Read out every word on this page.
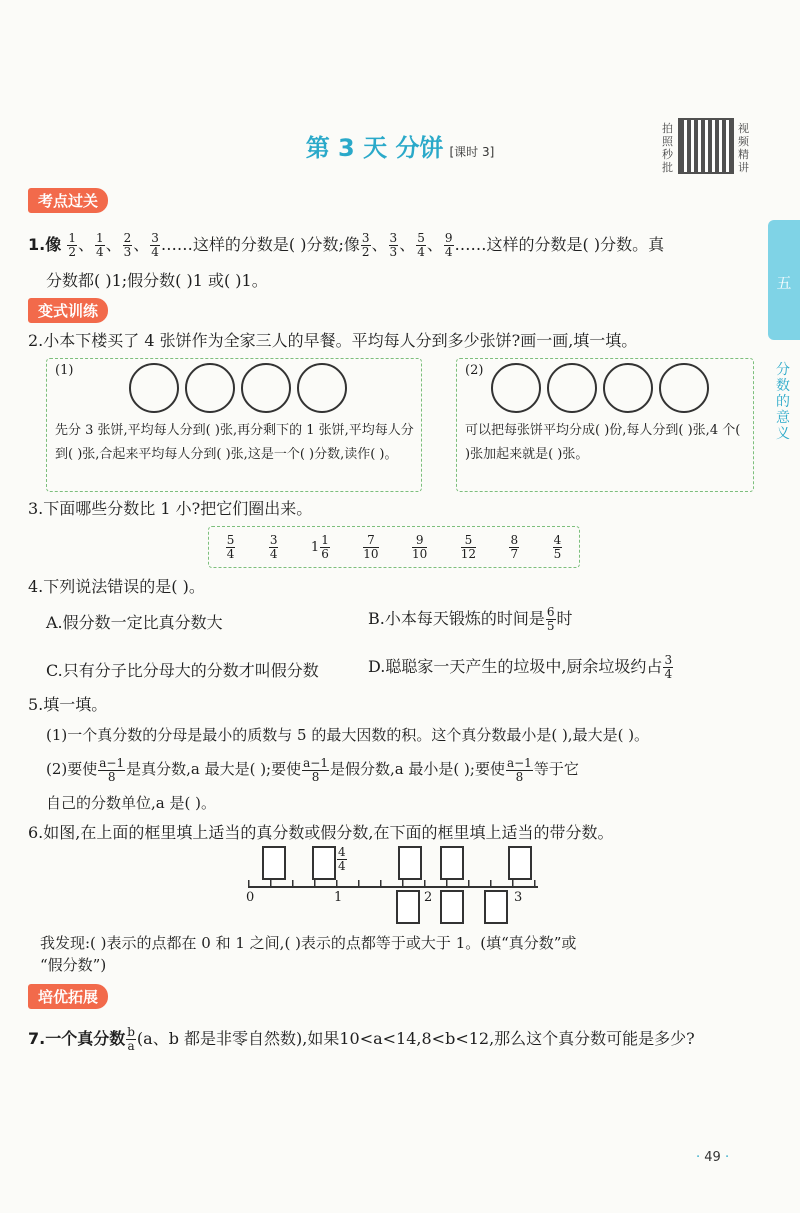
第 3 天 分饼 [课时 3]
拍照秒批
视频精讲
五
分数的意义
考点过关
1.像 $\frac{1}{2}$ 、 $\frac{1}{4}$ 、 $\frac{2}{3}$ 、 $\frac{3}{4}$ ……这样的分数是( )分数;像 $\frac{3}{2}$ 、 $\frac{3}{3}$ 、 $\frac{5}{4}$ 、 $\frac{9}{4}$ ……这样的分数是( )分数。真
分数都( )1;假分数( )1 或( )1。
变式训练
2.小本下楼买了 4 张饼作为全家三人的早餐。平均每人分到多少张饼?画一画,填一填。
(1)
先分 3 张饼,平均每人分到( )张,再分剩下的 1 张饼,平均每人分到( )张,合起来平均每人分到( )张,这是一个( )分数,读作( )。
(2)
可以把每张饼平均分成( )份,每人分到( )张,4 个( )张加起来就是( )张。
3.下面哪些分数比 1 小?把它们圈出来。
$\frac{5}{4}$	$\frac{3}{4} 1 \frac{1}{6}$	$\frac{7}{10}$	$\frac{9}{10}$	$\frac{5}{12}$	$\frac{8}{7}$	$\frac{4}{5}$
4.下列说法错误的是( )。
A.假分数一定比真分数大	B.小本每天锻炼的时间是 $\frac{6}{5}$ 时
C.只有分子比分母大的分数才叫假分数	D.聪聪家一天产生的垃圾中,厨余垃圾约占 $\frac{3}{4}$
5.填一填。
(1)一个真分数的分母是最小的质数与 5 的最大因数的积。这个真分数最小是( ),最大是( )。
(2)要使 $\frac{a-1}{8}$ 是真分数,a 最大是( );要使 $\frac{a-1}{8}$ 是假分数,a 最小是( );要使 $\frac{a-1}{8}$ 等于它
自己的分数单位,a 是( )。
6.如图,在上面的框里填上适当的真分数或假分数,在下面的框里填上适当的带分数。
$\frac{4}{4}$
0	1	2	3
我发现:( )表示的点都在 0 和 1 之间,( )表示的点都等于或大于 1。(填“真分数”或
“假分数”)
培优拓展
7.一个真分数 $\frac{b}{a} (a$、b 都是非零自然数),如果10<a<14,8<b<12,那么这个真分数可能是多少?
· 49 ·
